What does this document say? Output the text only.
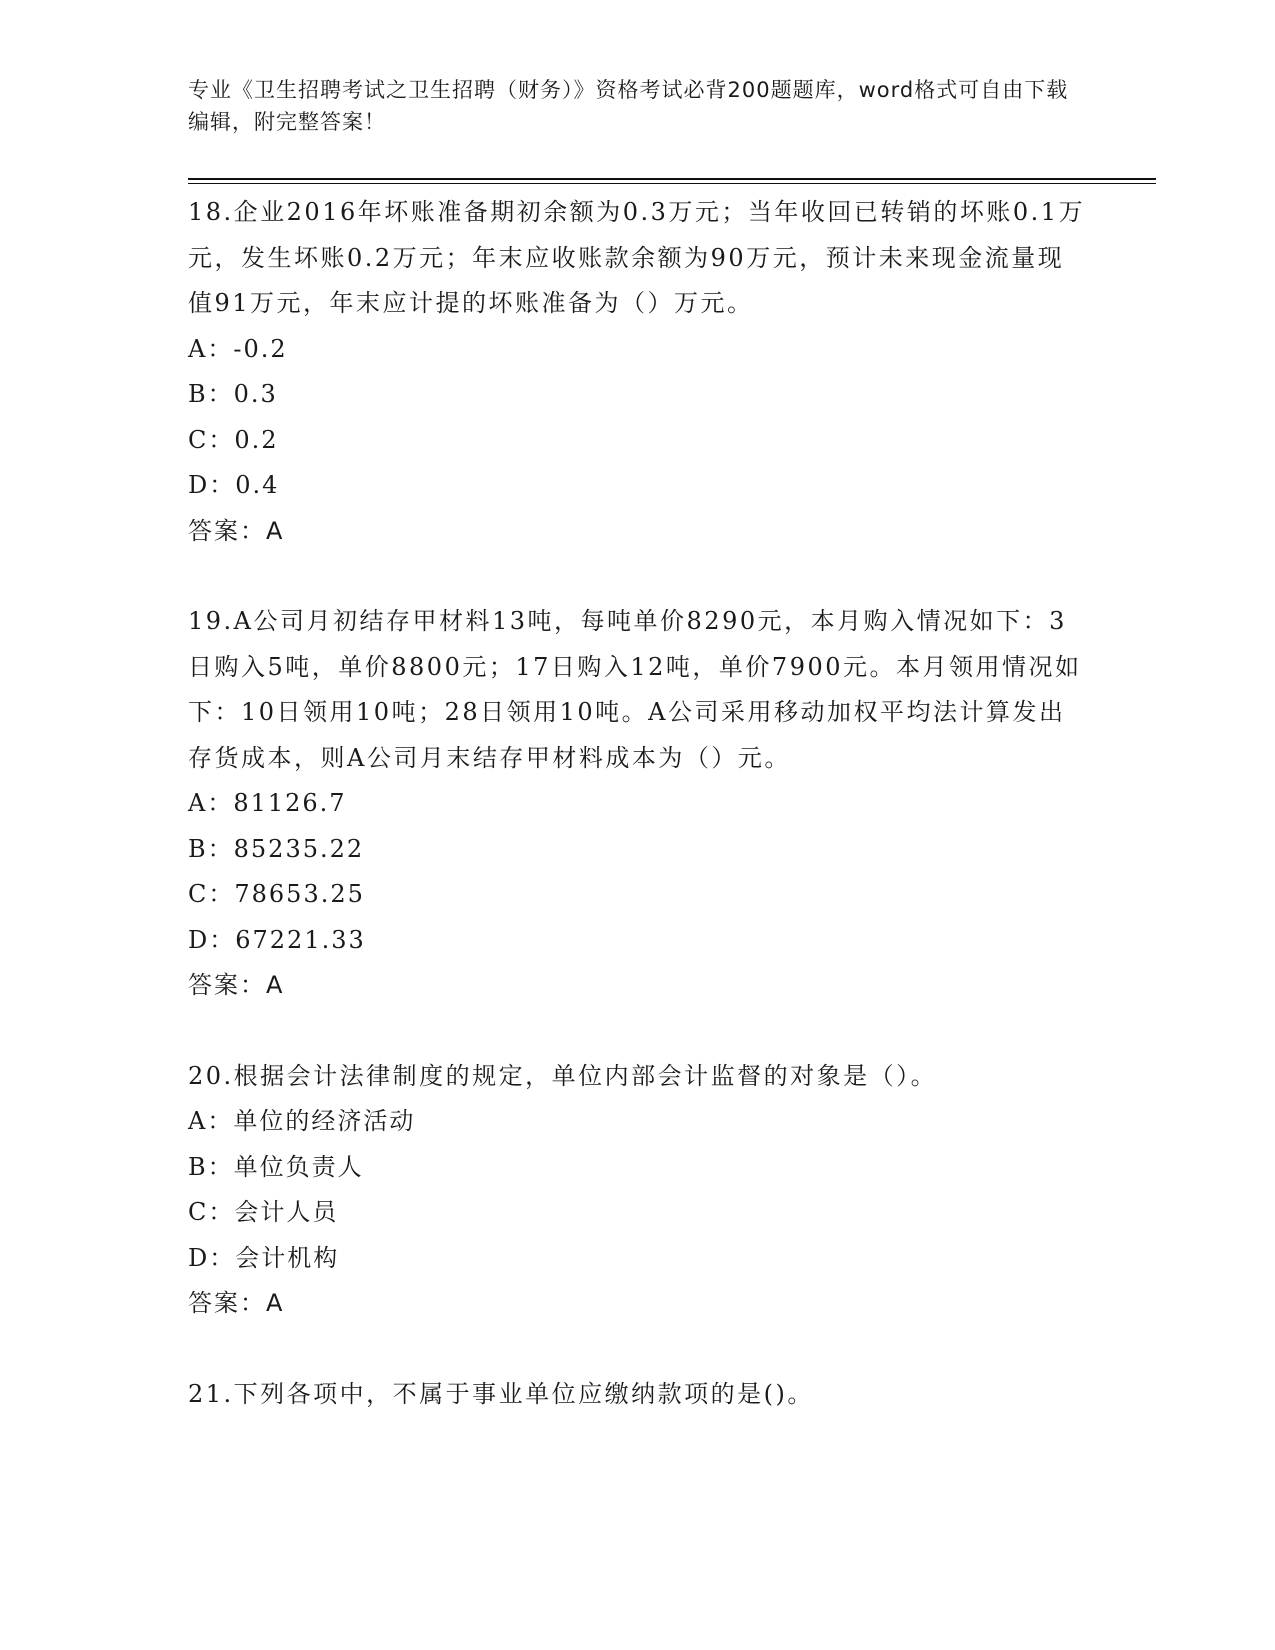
专业《卫生招聘考试之卫生招聘（财务）》资格考试必背200题题库，word格式可自由下载编辑，附完整答案！

18.企业2016年坏账准备期初余额为0.3万元；当年收回已转销的坏账0.1万元，发生坏账0.2万元；年末应收账款余额为90万元，预计未来现金流量现值91万元，年末应计提的坏账准备为（）万元。

A：-0.2

B：0.3

C：0.2

D：0.4

答案：A

19.A公司月初结存甲材料13吨，每吨单价8290元，本月购入情况如下：3日购入5吨，单价8800元；17日购入12吨，单价7900元。本月领用情况如下：10日领用10吨；28日领用10吨。A公司采用移动加权平均法计算发出存货成本，则A公司月末结存甲材料成本为（）元。

A：81126.7

B：85235.22

C：78653.25

D：67221.33

答案：A

20.根据会计法律制度的规定，单位内部会计监督的对象是（）。

A：单位的经济活动

B：单位负责人

C：会计人员

D：会计机构

答案：A

21.下列各项中，不属于事业单位应缴纳款项的是()。
